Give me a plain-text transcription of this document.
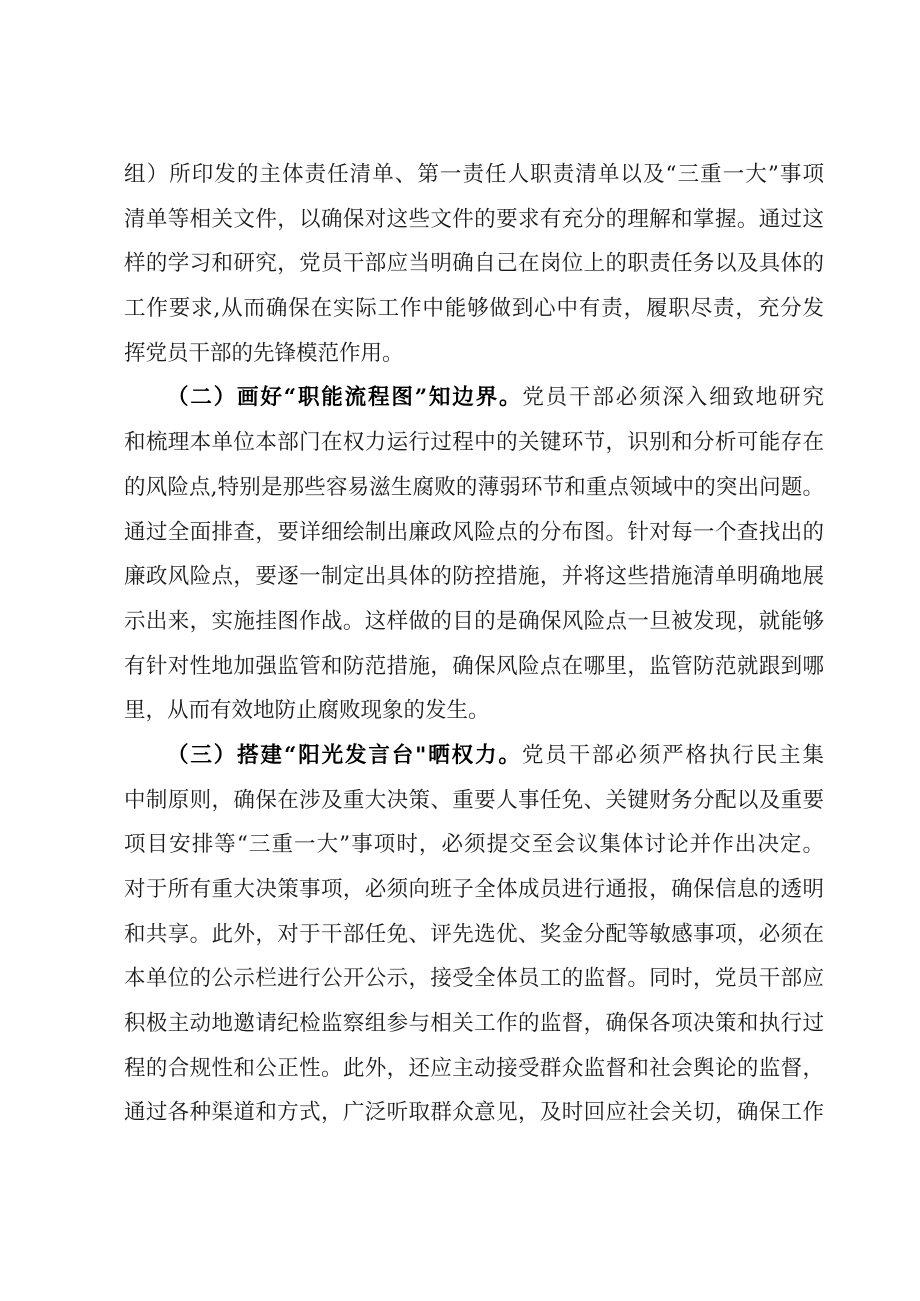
组）所印发的主体责任清单、第一责任人职责清单以及“三重一大”事项
清单等相关文件，以确保对这些文件的要求有充分的理解和掌握。通过这
样的学习和研究，党员干部应当明确自己在岗位上的职责任务以及具体的
工作要求,从而确保在实际工作中能够做到心中有责，履职尽责，充分发
挥党员干部的先锋模范作用。
（二）画好“职能流程图”知边界。党员干部必须深入细致地研究
和梳理本单位本部门在权力运行过程中的关键环节，识别和分析可能存在
的风险点,特别是那些容易滋生腐败的薄弱环节和重点领域中的突出问题。
通过全面排查，要详细绘制出廉政风险点的分布图。针对每一个查找出的
廉政风险点，要逐一制定出具体的防控措施，并将这些措施清单明确地展
示出来，实施挂图作战。这样做的目的是确保风险点一旦被发现，就能够
有针对性地加强监管和防范措施，确保风险点在哪里，监管防范就跟到哪
里，从而有效地防止腐败现象的发生。
（三）搭建“阳光发言台"晒权力。党员干部必须严格执行民主集
中制原则，确保在涉及重大决策、重要人事任免、关键财务分配以及重要
项目安排等“三重一大”事项时，必须提交至会议集体讨论并作出决定。
对于所有重大决策事项，必须向班子全体成员进行通报，确保信息的透明
和共享。此外，对于干部任免、评先选优、奖金分配等敏感事项，必须在
本单位的公示栏进行公开公示，接受全体员工的监督。同时，党员干部应
积极主动地邀请纪检监察组参与相关工作的监督，确保各项决策和执行过
程的合规性和公正性。此外，还应主动接受群众监督和社会舆论的监督，
通过各种渠道和方式，广泛听取群众意见，及时回应社会关切，确保工作
